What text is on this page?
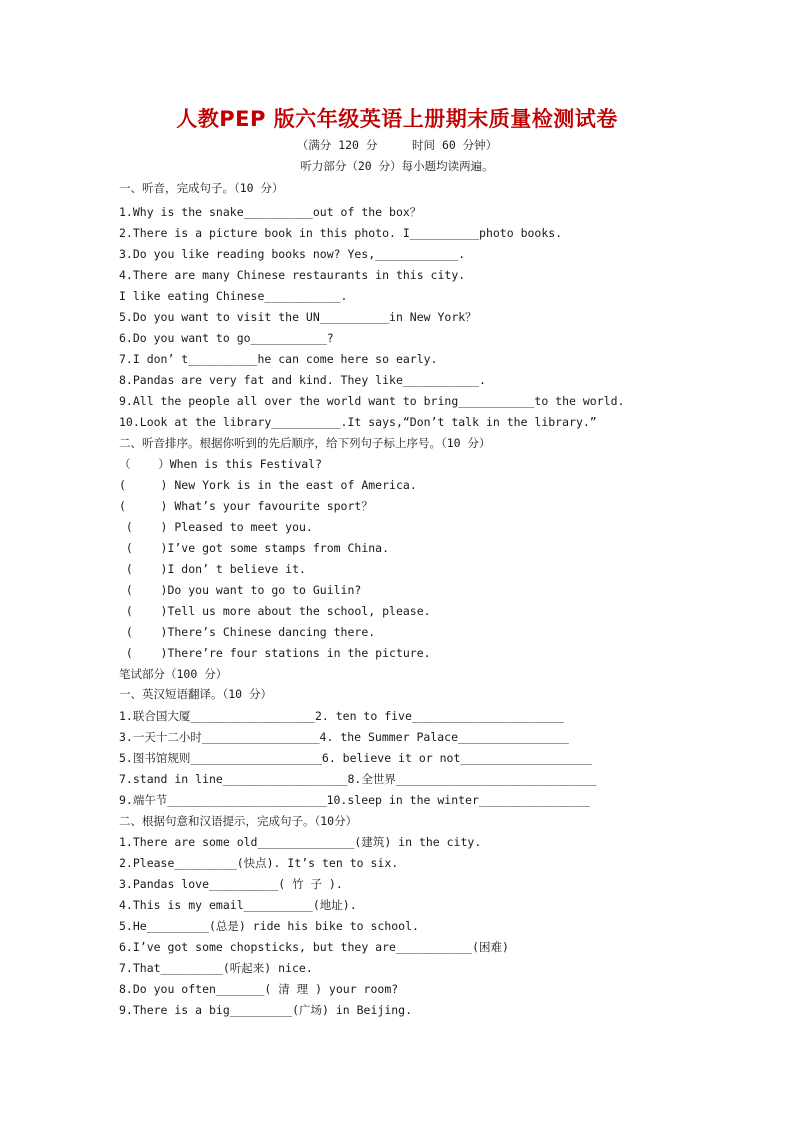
人教PEP 版六年级英语上册期末质量检测试卷
（满分 120 分     时间 60 分钟）
听力部分（20 分）每小题均读两遍。
一、听音，完成句子。（10 分）
1.Why is the snake__________out of the box？
2.There is a picture book in this photo. I__________photo books.
3.Do you like reading books now? Yes,____________.
4.There are many Chinese restaurants in this city.
I like eating Chinese___________.
5.Do you want to visit the UN__________in New York？
6.Do you want to go___________?
7.I don’ t__________he can come here so early.
8.Pandas are very fat and kind. They like___________.
9.All the people all over the world want to bring___________to the world.
10.Look at the library__________.It says,“Don’t talk in the library.”
二、听音排序。根据你听到的先后顺序，给下列句子标上序号。（10 分）
（    ）When is this Festival?
(     ) New York is in the east of America.
(     ) What’s your favourite sport？
(    ) Pleased to meet you.
(    )I’ve got some stamps from China.
(    )I don’ t believe it.
(    )Do you want to go to Guilin?
(    )Tell us more about the school, please.
(    )There’s Chinese dancing there.
(    )There’re four stations in the picture.
笔试部分（100 分）
一、英汉短语翻译。（10 分）
1.联合国大厦__________________2. ten to five______________________
3.一天十二小时_________________4. the Summer Palace________________
5.图书馆规则___________________6. believe it or not___________________
7.stand in line__________________8.全世界_____________________________
9.端午节_______________________10.sleep in the winter________________
二、根据句意和汉语提示，完成句子。（10分）
1.There are some old______________(建筑) in the city.
2.Please_________(快点). It’s ten to six.
3.Pandas love__________( 竹 子 ).
4.This is my email__________(地址).
5.He_________(总是) ride his bike to school.
6.I’ve got some chopsticks, but they are___________(困难)
7.That_________(听起来) nice.
8.Do you often_______( 清 理 ) your room?
9.There is a big_________(广场) in Beijing.
